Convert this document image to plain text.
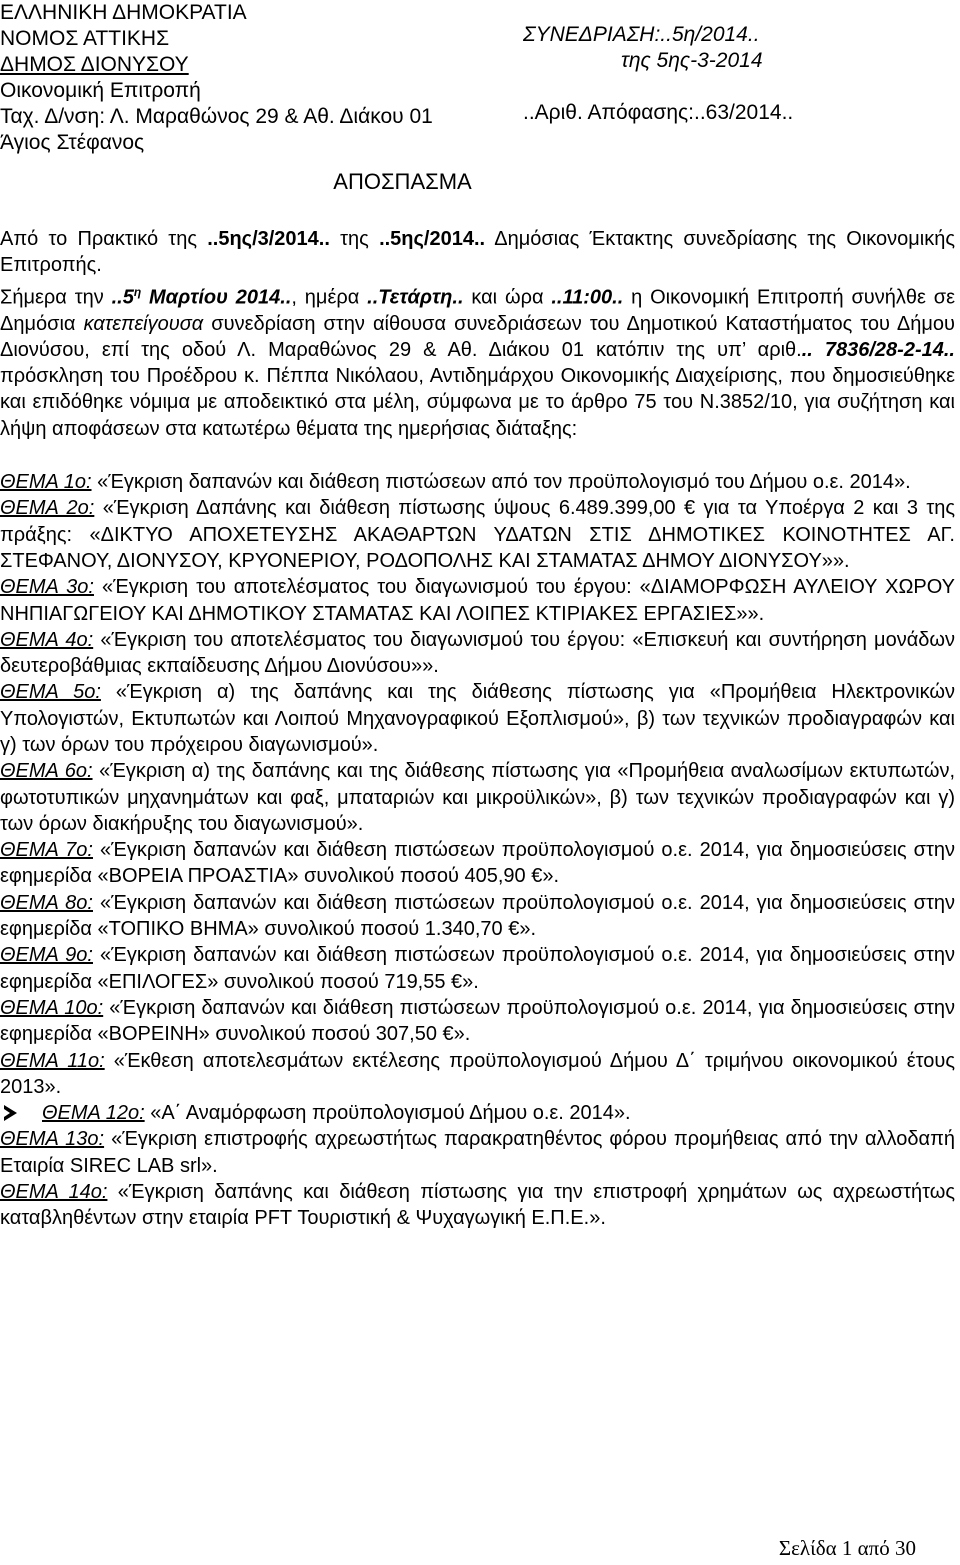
ΕΛΛΗΝΙΚΗ ΔΗΜΟΚΡΑΤΙΑ
ΝΟΜΟΣ ΑΤΤΙΚΗΣ
ΔΗΜΟΣ ΔΙΟΝΥΣΟΥ
Οικονομική Επιτροπή
Ταχ. Δ/νση: Λ. Μαραθώνος 29 & Αθ. Διάκου 01
Άγιος Στέφανος
ΣΥΝΕΔΡΙΑΣΗ:..5η/2014..
της 5ης-3-2014
..Αριθ. Απόφασης:..63/2014..
ΑΠΟΣΠΑΣΜΑ

Από το Πρακτικό της ..5ης/3/2014.. της ..5ης/2014.. Δημόσιας Έκτακτης συνεδρίασης της Οικονομικής Επιτροπής.

Σήμερα την $..5^\eta$ Μαρτίου 2014.., ημέρα ..Τετάρτη.. και ώρα ..11:00.. η Οικονομική Επιτροπή συνήλθε σε Δημόσια κατεπείγουσα συνεδρίαση στην αίθουσα συνεδριάσεων του Δημοτικού Καταστήματος του Δήμου Διονύσου, επί της οδού Λ. Μαραθώνος 29 & Αθ. Διάκου 01 κατόπιν της υπ’ αριθ... 7836/28-2-14.. πρόσκληση του Προέδρου κ. Πέππα Νικόλαου, Αντιδημάρχου Οικονομικής Διαχείρισης, που δημοσιεύθηκε και επιδόθηκε νόμιμα με αποδεικτικό στα μέλη, σύμφωνα με το άρθρο 75 του Ν.3852/10, για συζήτηση και λήψη αποφάσεων στα κατωτέρω θέματα της ημερήσιας διάταξης:

ΘΕΜΑ 1ο: «Έγκριση δαπανών και διάθεση πιστώσεων από τον προϋπολογισμό του Δήμου ο.ε. 2014».

ΘΕΜΑ 2ο: «Έγκριση Δαπάνης και διάθεση πίστωσης ύψους 6.489.399,00 € για τα Υποέργα 2 και 3 της πράξης: «ΔΙΚΤΥΟ ΑΠΟΧΕΤΕΥΣΗΣ ΑΚΑΘΑΡΤΩΝ ΥΔΑΤΩΝ ΣΤΙΣ ΔΗΜΟΤΙΚΕΣ ΚΟΙΝΟΤΗΤΕΣ ΑΓ. ΣΤΕΦΑΝΟΥ, ΔΙΟΝΥΣΟΥ, ΚΡΥΟΝΕΡΙΟΥ, ΡΟΔΟΠΟΛΗΣ ΚΑΙ ΣΤΑΜΑΤΑΣ ΔΗΜΟΥ ΔΙΟΝΥΣΟΥ»».

ΘΕΜΑ 3ο: «Έγκριση του αποτελέσματος του διαγωνισμού του έργου: «ΔΙΑΜΟΡΦΩΣΗ ΑΥΛΕΙΟΥ ΧΩΡΟΥ ΝΗΠΙΑΓΩΓΕΙΟΥ ΚΑΙ ΔΗΜΟΤΙΚΟΥ ΣΤΑΜΑΤΑΣ ΚΑΙ ΛΟΙΠΕΣ ΚΤΙΡΙΑΚΕΣ ΕΡΓΑΣΙΕΣ»».

ΘΕΜΑ 4ο: «Έγκριση του αποτελέσματος του διαγωνισμού του έργου: «Επισκευή και συντήρηση μονάδων δευτεροβάθμιας εκπαίδευσης Δήμου Διονύσου»».

ΘΕΜΑ 5ο: «Έγκριση α) της δαπάνης και της διάθεσης πίστωσης για «Προμήθεια Ηλεκτρονικών Υπολογιστών, Εκτυπωτών και Λοιπού Μηχανογραφικού Εξοπλισμού», β) των τεχνικών προδιαγραφών και γ) των όρων του πρόχειρου διαγωνισμού».

ΘΕΜΑ 6ο: «Έγκριση α) της δαπάνης και της διάθεσης πίστωσης για «Προμήθεια αναλωσίμων εκτυπωτών, φωτοτυπικών μηχανημάτων και φαξ, μπαταριών και μικροϋλικών», β) των τεχνικών προδιαγραφών και γ) των όρων διακήρυξης του διαγωνισμού».

ΘΕΜΑ 7ο: «Έγκριση δαπανών και διάθεση πιστώσεων προϋπολογισμού ο.ε. 2014, για δημοσιεύσεις στην εφημερίδα «ΒΟΡΕΙΑ ΠΡΟΑΣΤΙΑ» συνολικού ποσού 405,90 €».

ΘΕΜΑ 8ο: «Έγκριση δαπανών και διάθεση πιστώσεων προϋπολογισμού ο.ε. 2014, για δημοσιεύσεις στην εφημερίδα «ΤΟΠΙΚΟ ΒΗΜΑ» συνολικού ποσού 1.340,70 €».

ΘΕΜΑ 9ο: «Έγκριση δαπανών και διάθεση πιστώσεων προϋπολογισμού ο.ε. 2014, για δημοσιεύσεις στην εφημερίδα «ΕΠΙΛΟΓΕΣ» συνολικού ποσού 719,55 €».

ΘΕΜΑ 10ο: «Έγκριση δαπανών και διάθεση πιστώσεων προϋπολογισμού ο.ε. 2014, για δημοσιεύσεις στην εφημερίδα «ΒΟΡΕΙΝΗ» συνολικού ποσού 307,50 €».

ΘΕΜΑ 11ο: «Έκθεση αποτελεσμάτων εκτέλεσης προϋπολογισμού Δήμου Δ΄ τριμήνου οικονομικού έτους 2013».

ΘΕΜΑ 12ο: «Α΄ Αναμόρφωση προϋπολογισμού Δήμου ο.ε. 2014».

ΘΕΜΑ 13ο: «Έγκριση επιστροφής αχρεωστήτως παρακρατηθέντος φόρου προμήθειας από την αλλοδαπή Εταιρία SIREC LAB srl».

ΘΕΜΑ 14ο: «Έγκριση δαπάνης και διάθεση πίστωσης για την επιστροφή χρημάτων ως αχρεωστήτως καταβληθέντων στην εταιρία PFT Τουριστική & Ψυχαγωγική Ε.Π.Ε.».

Σελίδα 1 από 30
